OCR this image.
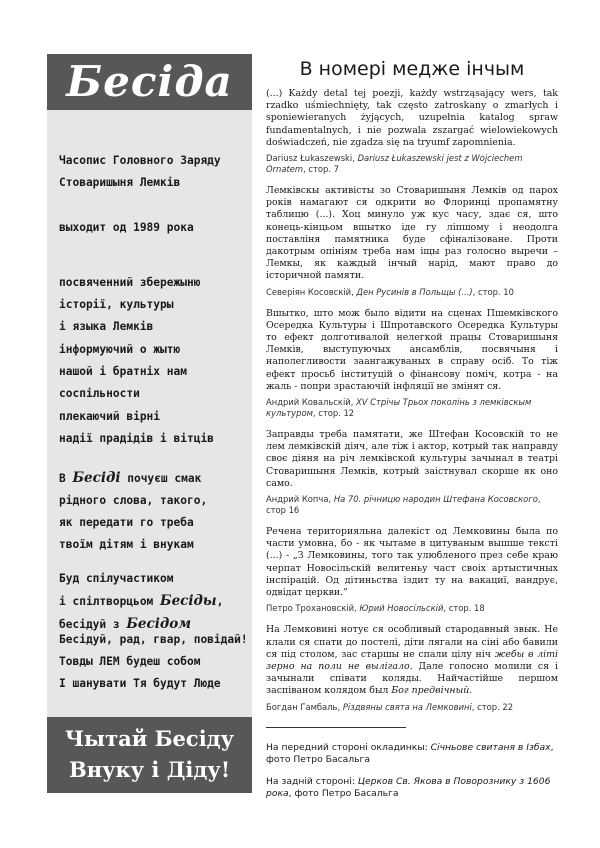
Бесіда
Часопис Головного Заряду
Стоваришыня Лемків
выходит од 1989 рока
посвяченний збережыню
історії, культуры
і языка Лемків
інформуючий о жытю
нашой і братніх нам
соспільности
плекаючий вірні
надії прадідів і вітців
В Бесіді почуєш смак
рідного слова, такого,
як передати го треба
твоїм дітям і внукам
Буд спілучастиком
і спілтворцьом Бесіды,
бесідуй з Бесідом
Бесідуй, рад, гвар, повідай!
Товды ЛЕМ будеш собом
І шанувати Тя будут Люде
Чытай Бесіду
Внуку і Діду!
В номері медже інчым

(...) Każdy detal tej poezji, każdy wstrząsający wers, tak rzadko uśmiechnięty, tak często zatroskany o zmarłych i sponiewieranych żyjących, uzupełnia katalog spraw fundamentalnych, i nie pozwala zszargać wielowiekowych doświadczeń, nie zgadza się na tryumf zapomnienia.

Dariusz Łukaszewski, Dariusz Łukaszewski jest z Wojciechem Ornatem, стор. 7

Лемківскы активісты зо Стоваришыня Лемків од парох років намагают ся одкрити во Флоринці пропамятну таблицю (...). Хоц минуло уж кус часу, здає ся, што конець-кінцьом вшытко іде гу ліпшому і неодолга поставліня памятника буде сфіналізоване. Проти дакотрым опініям треба нам іщы раз голосно выречи – Лемкы, як каждый інчый нарід, мают право до історичной памяти.

Северіян Косовскій, Ден Русинів в Польщы (...), стор. 10

Вшытко, што мож было відити на сценах Пшемківского Осередка Культуры і Шпротавского Осередка Культуры то ефект долготивалой нелегкой працы Стоваришыня Лемків, выступуючых ансамблів, посвячыня і наполегливости заангажуваных в справу осіб. То тіж ефект просьб інституцій о фінансову поміч, котра - на жаль - попри зрастаючій інфляції не змінят ся.

Андрий Ковальскій, XV Стрічы Трьох поколінь з лемківскым культуром, стор. 12

Заправды треба памятати, же Штефан Косовскій то не лем лемківскій діяч, але тіж і актор, котрый так направду своє діяня на річ лемківской культуры зачынал в театрі Стоваришыня Лемків, котрый заістнувал скорше як оно само.

Андрий Копча, На 70. річницю народин Штефана Косовского, стор 16

Речена територияльна далекіст од Лемковины была по части умовна, бо - як чытаме в цитуваным вышше тексті (...) - „З Лемковины, того так улюбленого през себе краю черпат Новосільскій велитеньу част своіх артыстичных інспірацій. Од дітиньства іздит ту на вакациї, вандрує, одвідат церкви.”

Петро Трохановскій, Юрий Новосільскій, стор. 18

На Лемковині нотує ся особливый стародавный звык. Не клали ся спати до постелі, діти лягали на сіні або бавили ся під столом, зас старшы не спали цілу ніч жебы в літі зерно на поли не вылігало. Дале голосно молили ся і зачынали співати коляды. Найчастійше першом заспіваном колядом был Бог предвічный.

Богдан Гамбаль, Різдвяны свята на Лемковині, стор. 22

На передний стороні окладинкы: Січньове свитаня в Ізбах, фото Петро Басальга

На задній стороні: Церков Св. Якова в Поворознику з 1606 рока, фото Петро Басальга
